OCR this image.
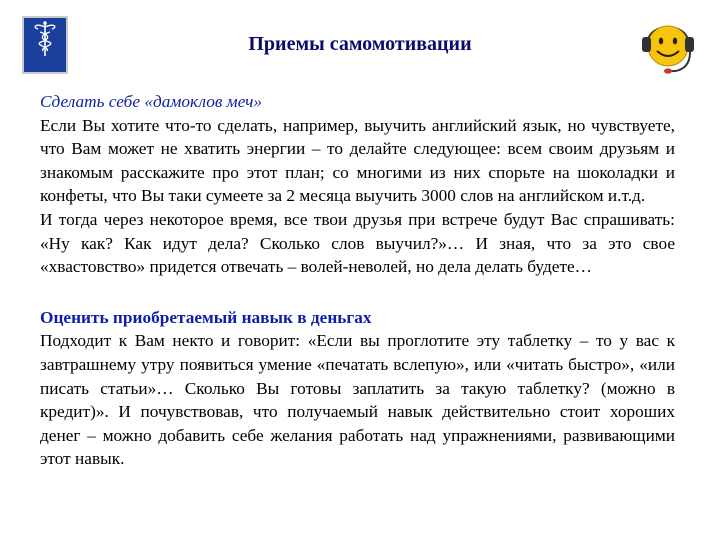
Приемы самомотивации

Сделать себе «дамоклов меч»

Если Вы хотите что-то сделать, например, выучить английский язык, но чувствуете, что Вам может не хватить энергии – то делайте следующее: всем своим друзьям и знакомым расскажите про этот план; со многими из них спорьте на шоколадки и конфеты, что Вы таки сумеете за 2 месяца выучить 3000 слов на английском и.т.д.

И тогда через некоторое время, все твои друзья при встрече будут Вас спрашивать: «Ну как? Как идут дела? Сколько слов выучил?»… И зная, что за это свое «хвастовство» придется отвечать – волей-неволей, но дела делать будете…

Оценить приобретаемый навык в деньгах

Подходит к Вам некто и говорит: «Если вы проглотите эту таблетку – то у вас к завтрашнему утру появиться умение «печатать вслепую», или «читать быстро», «или писать статьи»… Сколько Вы готовы заплатить за такую таблетку? (можно в кредит)». И почувствовав, что получаемый навык действительно стоит хороших денег – можно добавить себе желания работать над упражнениями, развивающими этот навык.
